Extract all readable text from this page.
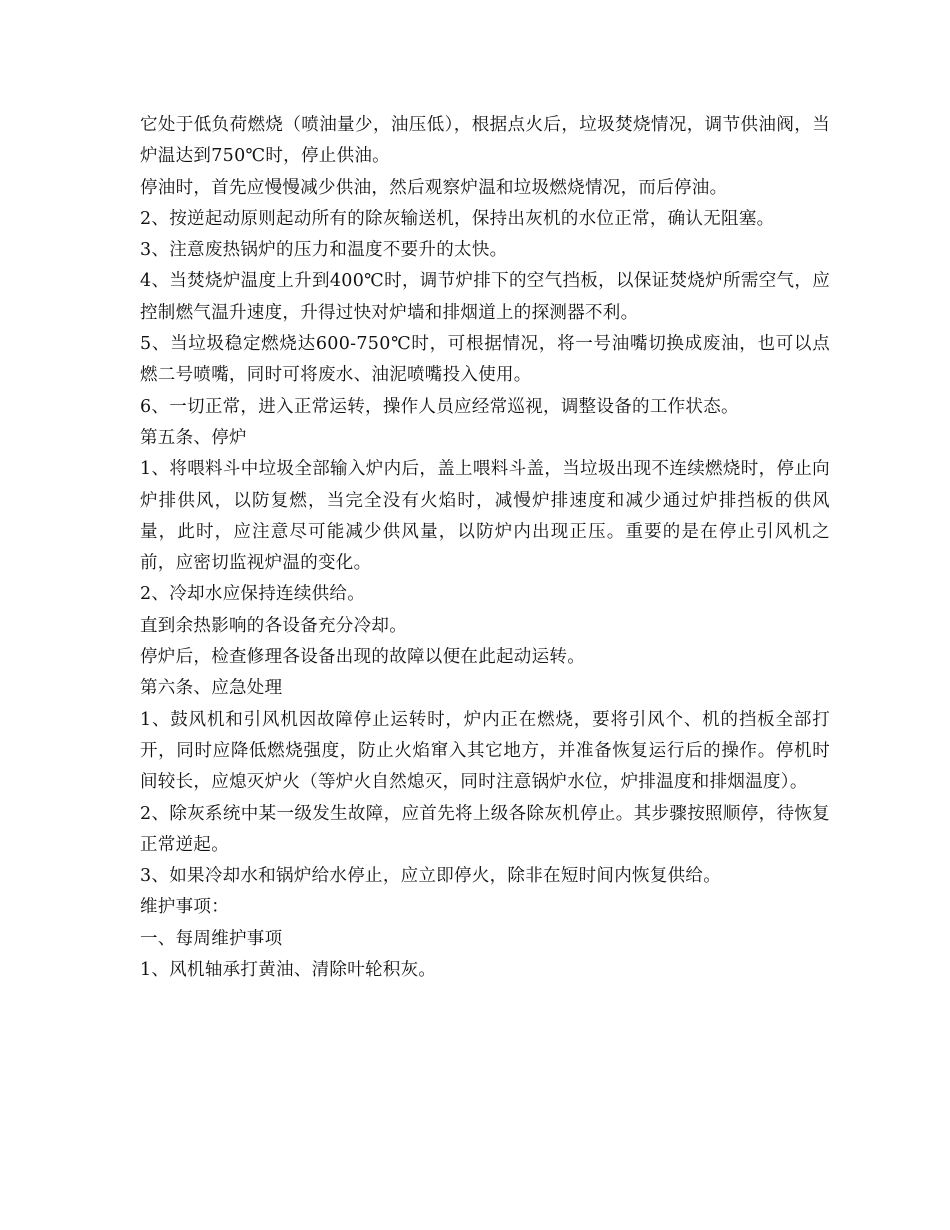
它处于低负荷燃烧（喷油量少，油压低），根据点火后，垃圾焚烧情况，调节供油阀，当炉温达到750℃时，停止供油。

停油时，首先应慢慢减少供油，然后观察炉温和垃圾燃烧情况，而后停油。

2、按逆起动原则起动所有的除灰输送机，保持出灰机的水位正常，确认无阻塞。

3、注意废热锅炉的压力和温度不要升的太快。

4、当焚烧炉温度上升到400℃时，调节炉排下的空气挡板，以保证焚烧炉所需空气，应控制燃气温升速度，升得过快对炉墙和排烟道上的探测器不利。

5、当垃圾稳定燃烧达600-750℃时，可根据情况，将一号油嘴切换成废油，也可以点燃二号喷嘴，同时可将废水、油泥喷嘴投入使用。

6、一切正常，进入正常运转，操作人员应经常巡视，调整设备的工作状态。

第五条、停炉

1、将喂料斗中垃圾全部输入炉内后，盖上喂料斗盖，当垃圾出现不连续燃烧时，停止向炉排供风，以防复燃，当完全没有火焰时，减慢炉排速度和减少通过炉排挡板的供风量，此时，应注意尽可能减少供风量，以防炉内出现正压。重要的是在停止引风机之前，应密切监视炉温的变化。

2、冷却水应保持连续供给。

直到余热影响的各设备充分冷却。

停炉后，检查修理各设备出现的故障以便在此起动运转。

第六条、应急处理

1、鼓风机和引风机因故障停止运转时，炉内正在燃烧，要将引风个、机的挡板全部打开，同时应降低燃烧强度，防止火焰窜入其它地方，并准备恢复运行后的操作。停机时间较长，应熄灭炉火（等炉火自然熄灭，同时注意锅炉水位，炉排温度和排烟温度）。

2、除灰系统中某一级发生故障，应首先将上级各除灰机停止。其步骤按照顺停，待恢复正常逆起。

3、如果冷却水和锅炉给水停止，应立即停火，除非在短时间内恢复供给。

维护事项：

一、每周维护事项

1、风机轴承打黄油、清除叶轮积灰。
